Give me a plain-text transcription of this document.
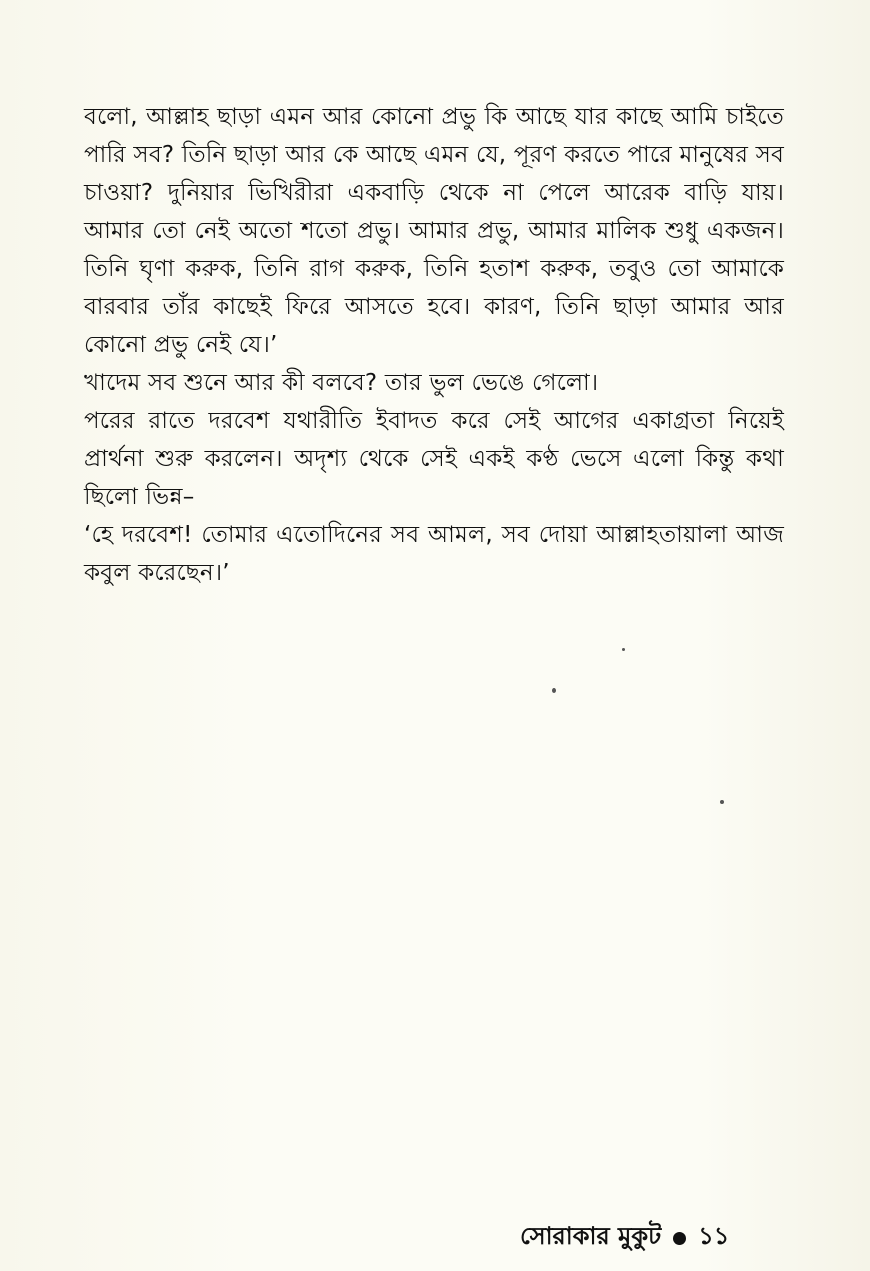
বলো, আল্লাহ ছাড়া এমন আর কোনো প্রভু কি আছে যার কাছে আমি চাইতে পারি সব? তিনি ছাড়া আর কে আছে এমন যে, পূরণ করতে পারে মানুষের সব চাওয়া? দুনিয়ার ভিখিরীরা একবাড়ি থেকে না পেলে আরেক বাড়ি যায়। আমার তো নেই অতো শতো প্রভু। আমার প্রভু, আমার মালিক শুধু একজন। তিনি ঘৃণা করুক, তিনি রাগ করুক, তিনি হতাশ করুক, তবুও তো আমাকে বারবার তাঁর কাছেই ফিরে আসতে হবে। কারণ, তিনি ছাড়া আমার আর কোনো প্রভু নেই যে।’

খাদেম সব শুনে আর কী বলবে? তার ভুল ভেঙে গেলো।

পরের রাতে দরবেশ যথারীতি ইবাদত করে সেই আগের একাগ্রতা নিয়েই প্রার্থনা শুরু করলেন। অদৃশ্য থেকে সেই একই কণ্ঠ ভেসে এলো কিন্তু কথা ছিলো ভিন্ন–

‘হে দরবেশ! তোমার এতোদিনের সব আমল, সব দোয়া আল্লাহতায়ালা আজ কবুল করেছেন।’

সোরাকার মুকুট ১১
